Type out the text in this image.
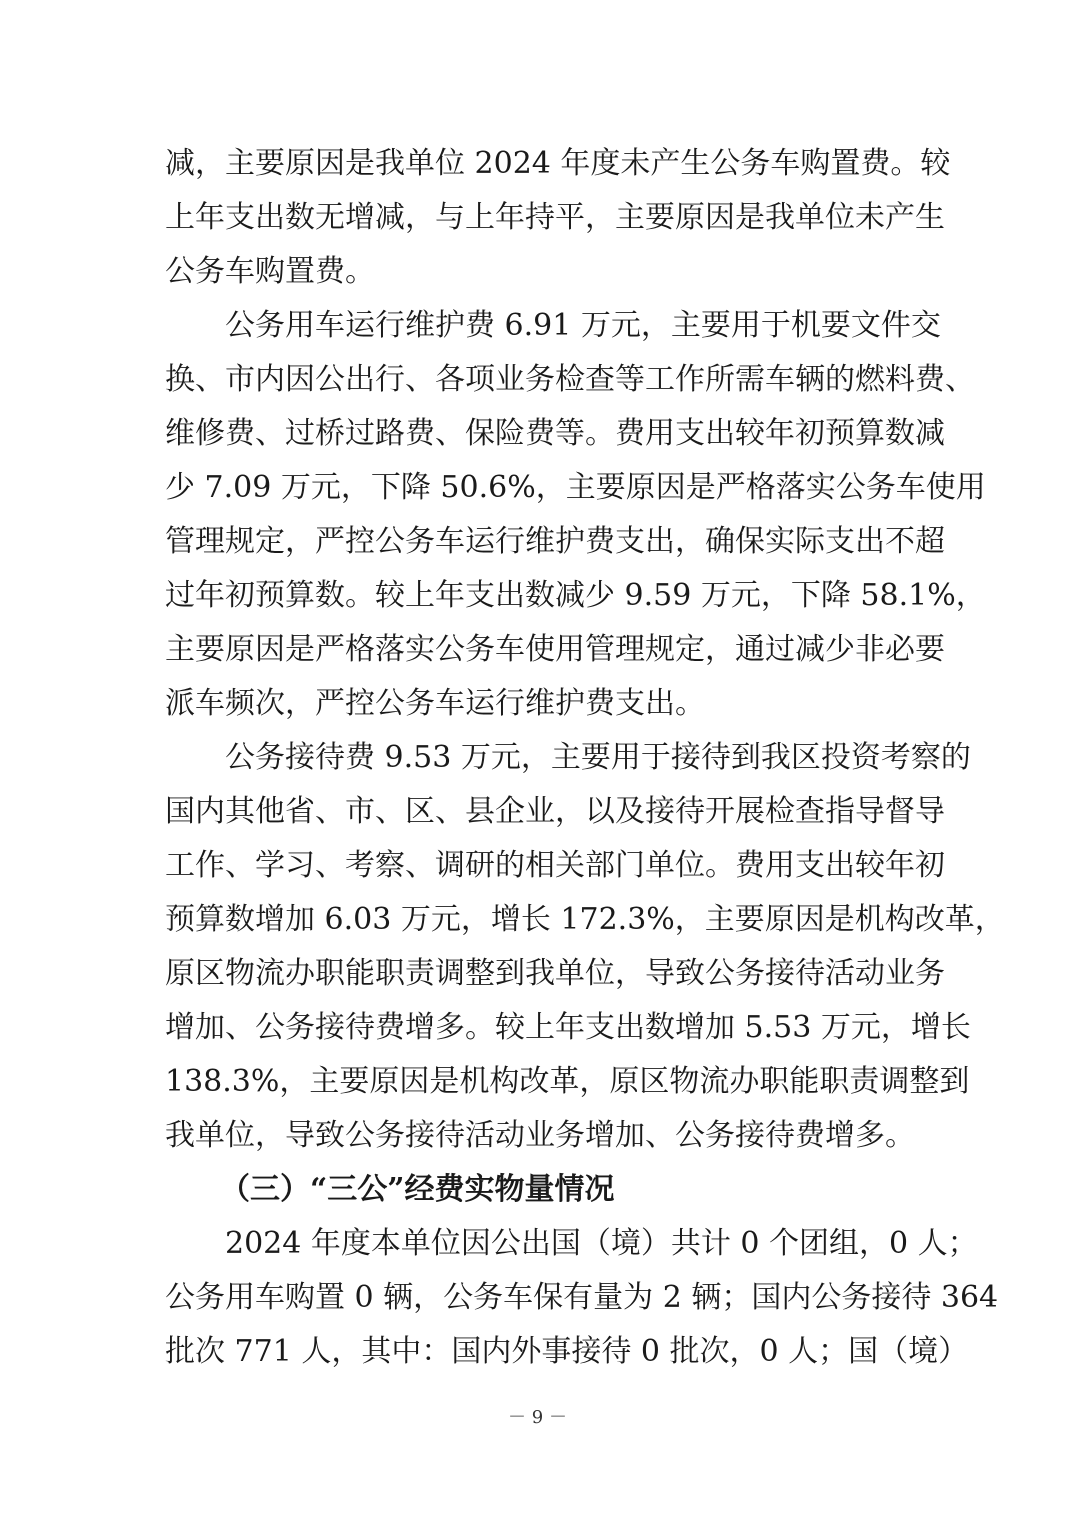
减，主要原因是我单位 2024 年度未产生公务车购置费。较
上年支出数无增减，与上年持平，主要原因是我单位未产生
公务车购置费。
公务用车运行维护费 6.91 万元，主要用于机要文件交
换、市内因公出行、各项业务检查等工作所需车辆的燃料费、
维修费、过桥过路费、保险费等。费用支出较年初预算数减
少 7.09 万元，下降 50.6%，主要原因是严格落实公务车使用
管理规定，严控公务车运行维护费支出，确保实际支出不超
过年初预算数。较上年支出数减少 9.59 万元，下降 58.1%，
主要原因是严格落实公务车使用管理规定，通过减少非必要
派车频次，严控公务车运行维护费支出。
公务接待费 9.53 万元，主要用于接待到我区投资考察的
国内其他省、市、区、县企业，以及接待开展检查指导督导
工作、学习、考察、调研的相关部门单位。费用支出较年初
预算数增加 6.03 万元，增长 172.3%，主要原因是机构改革，
原区物流办职能职责调整到我单位，导致公务接待活动业务
增加、公务接待费增多。较上年支出数增加 5.53 万元，增长
138.3%，主要原因是机构改革，原区物流办职能职责调整到
我单位，导致公务接待活动业务增加、公务接待费增多。
（三）“三公”经费实物量情况
2024 年度本单位因公出国（境）共计 0 个团组，0 人；
公务用车购置 0 辆，公务车保有量为 2 辆；国内公务接待 364
批次 771 人，其中：国内外事接待 0 批次，0 人；国（境）
－ 9 －
